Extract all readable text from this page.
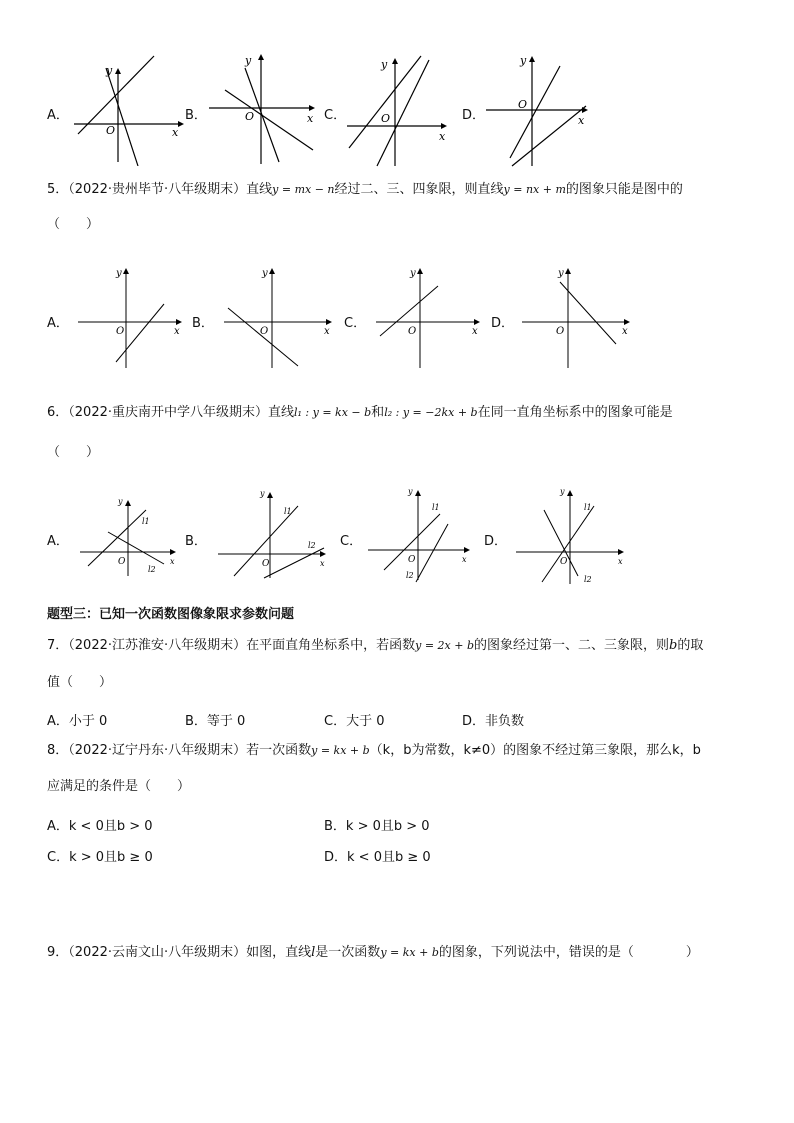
A．
y
x
O
B．
y
x
O	C．
y
x
O	D．
y
x
O
5．（2022·贵州毕节·八年级期末）直线y = mx − n经过二、三、四象限，则直线y = nx + m的图象只能是图中的
（　　）
A．
y
x
O
B．
y
x
O
C．
y
x
O
D．
y
x
O
6．（2022·重庆南开中学八年级期末）直线l₁ : y = kx − b和l₂ : y = −2kx + b在同一直角坐标系中的图象可能是
（　　）
A．
y
x
O
l1
l2
B．
y
x
O
l1
l2 C．
y
x
O
l1
l2
D．
y
x
O
l1
l2
题型三：已知一次函数图像象限求参数问题
7．（2022·江苏淮安·八年级期末）在平面直角坐标系中，若函数y = 2x + b的图象经过第一、二、三象限，则b的取
值（　　）
A．小于 0	B．等于 0	C．大于 0	D．非负数
8．（2022·辽宁丹东·八年级期末）若一次函数y = kx + b（k，b为常数，k≠0）的图象不经过第三象限，那么k，b
应满足的条件是（　　）
A．k < 0且b > 0	B．k > 0且b > 0
C．k > 0且b ≥ 0	D．k < 0且b ≥ 0
9．（2022·云南文山·八年级期末）如图，直线l是一次函数y = kx + b的图象，下列说法中，错误的是（　　　　）
